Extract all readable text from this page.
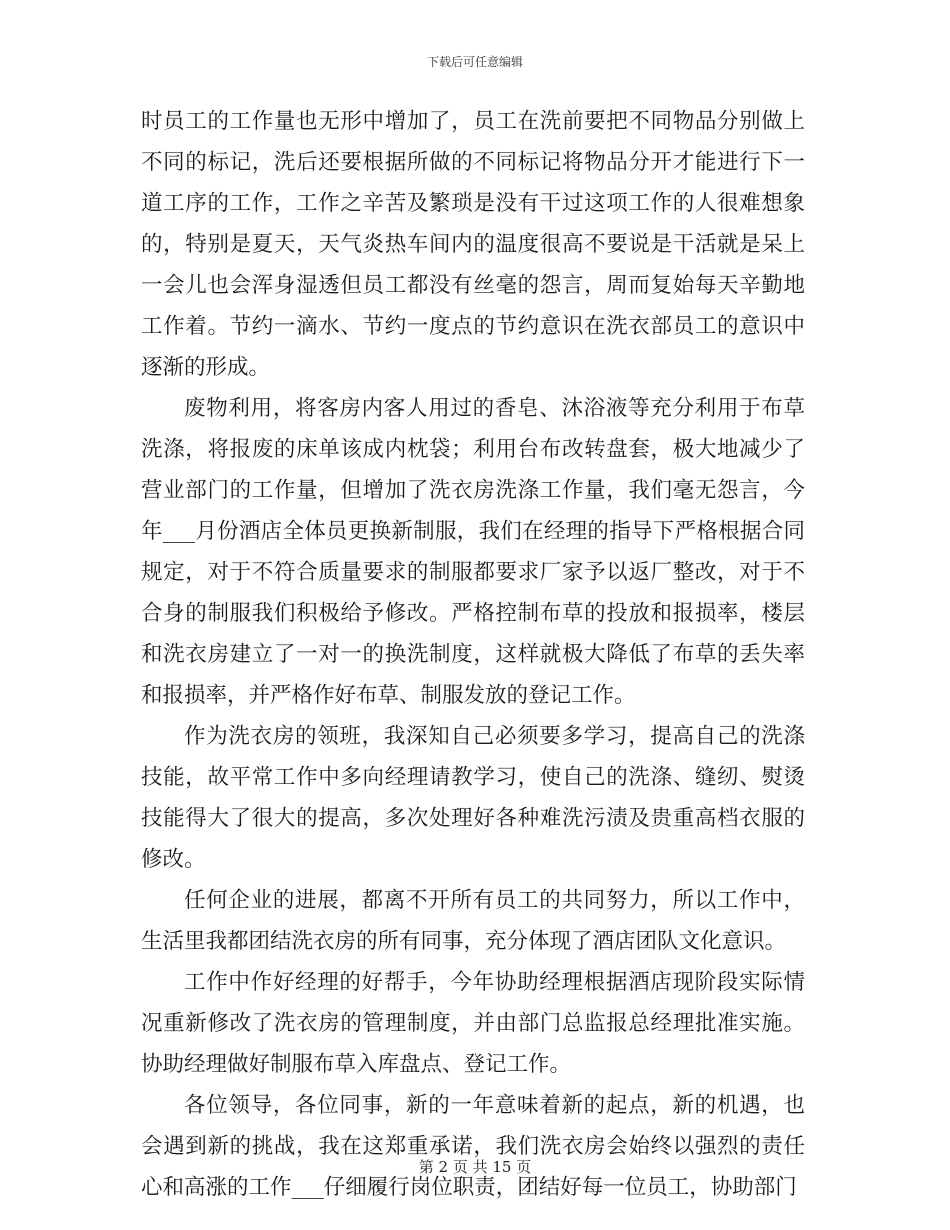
下载后可任意编辑

时员工的工作量也无形中增加了，员工在洗前要把不同物品分别做上不同的标记，洗后还要根据所做的不同标记将物品分开才能进行下一道工序的工作，工作之辛苦及繁琐是没有干过这项工作的人很难想象的，特别是夏天，天气炎热车间内的温度很高不要说是干活就是呆上一会儿也会浑身湿透但员工都没有丝毫的怨言，周而复始每天辛勤地工作着。节约一滴水、节约一度点的节约意识在洗衣部员工的意识中逐渐的形成。

废物利用，将客房内客人用过的香皂、沐浴液等充分利用于布草洗涤，将报废的床单该成内枕袋；利用台布改转盘套，极大地减少了营业部门的工作量，但增加了洗衣房洗涤工作量，我们毫无怨言，今年___月份酒店全体员更换新制服，我们在经理的指导下严格根据合同规定，对于不符合质量要求的制服都要求厂家予以返厂整改，对于不合身的制服我们积极给予修改。严格控制布草的投放和报损率，楼层和洗衣房建立了一对一的换洗制度，这样就极大降低了布草的丢失率和报损率，并严格作好布草、制服发放的登记工作。

作为洗衣房的领班，我深知自己必须要多学习，提高自己的洗涤技能，故平常工作中多向经理请教学习，使自己的洗涤、缝纫、熨烫技能得大了很大的提高，多次处理好各种难洗污渍及贵重高档衣服的修改。

任何企业的进展，都离不开所有员工的共同努力，所以工作中，生活里我都团结洗衣房的所有同事，充分体现了酒店团队文化意识。

工作中作好经理的好帮手，今年协助经理根据酒店现阶段实际情况重新修改了洗衣房的管理制度，并由部门总监报总经理批准实施。协助经理做好制服布草入库盘点、登记工作。

各位领导，各位同事，新的一年意味着新的起点，新的机遇，也会遇到新的挑战，我在这郑重承诺，我们洗衣房会始终以强烈的责任心和高涨的工作___仔细履行岗位职责，团结好每一位员工，协助部门

第 2 页 共 15 页
